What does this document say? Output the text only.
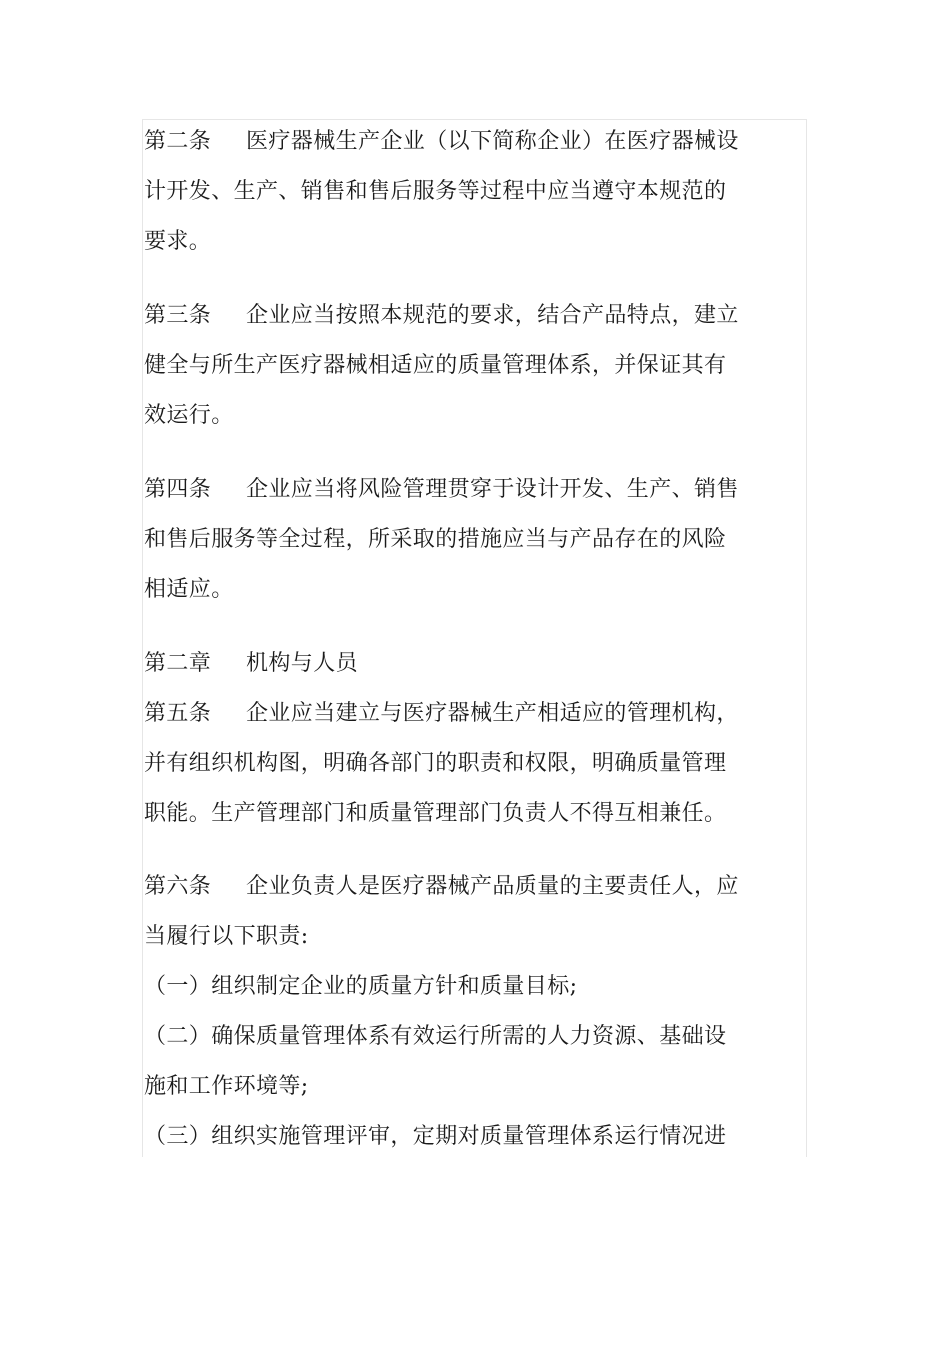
第二条 医疗器械生产企业（以下简称企业）在医疗器械设
计开发、生产、销售和售后服务等过程中应当遵守本规范的
要求。
第三条 企业应当按照本规范的要求，结合产品特点，建立
健全与所生产医疗器械相适应的质量管理体系，并保证其有
效运行。
第四条 企业应当将风险管理贯穿于设计开发、生产、销售
和售后服务等全过程，所采取的措施应当与产品存在的风险
相适应。
第二章 机构与人员
第五条 企业应当建立与医疗器械生产相适应的管理机构，
并有组织机构图，明确各部门的职责和权限，明确质量管理
职能。生产管理部门和质量管理部门负责人不得互相兼任。
第六条 企业负责人是医疗器械产品质量的主要责任人，应
当履行以下职责:
（一）组织制定企业的质量方针和质量目标;
（二）确保质量管理体系有效运行所需的人力资源、基础设
施和工作环境等;
（三）组织实施管理评审，定期对质量管理体系运行情况进
